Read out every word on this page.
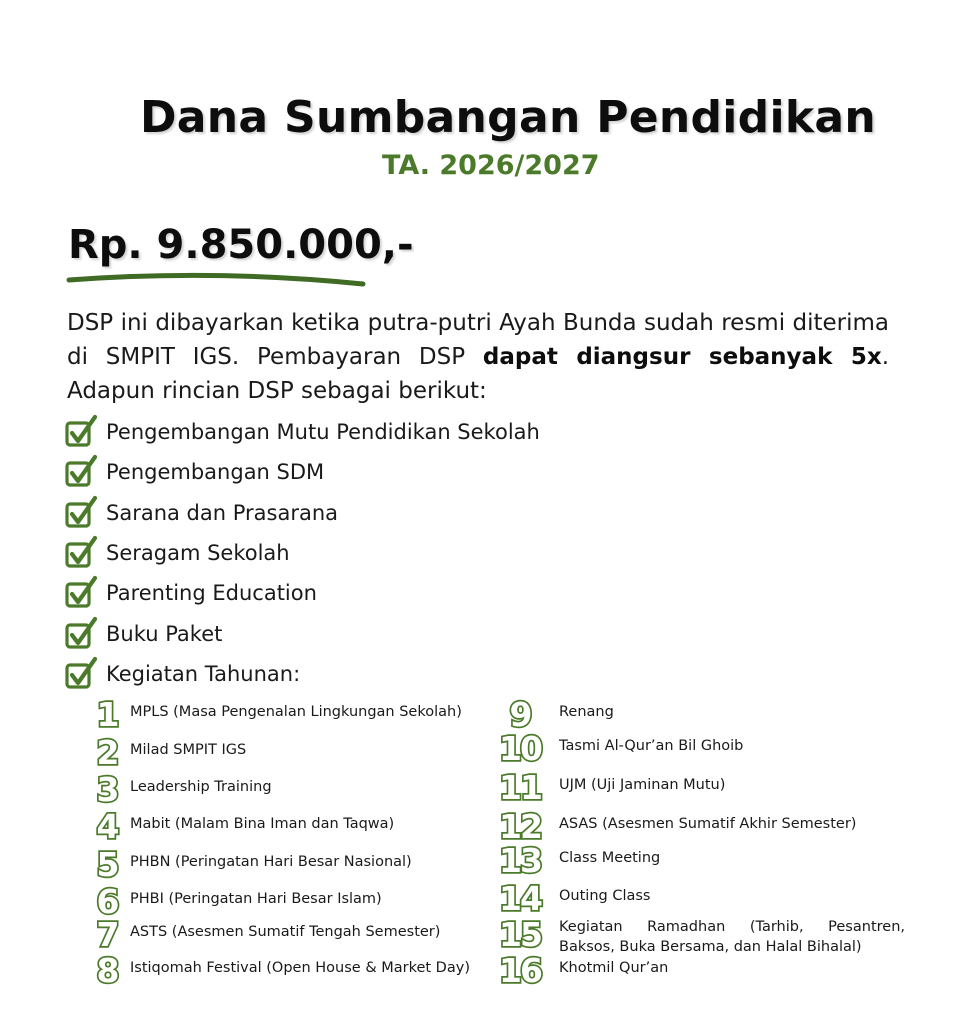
Dana Sumbangan Pendidikan
TA. 2026/2027
Rp. 9.850.000,-
DSP ini dibayarkan ketika putra-putri Ayah Bunda sudah resmi diterima di SMPIT IGS. Pembayaran DSP dapat diangsur sebanyak 5x. Adapun rincian DSP sebagai berikut:
Pengembangan Mutu Pendidikan Sekolah
Pengembangan SDM
Sarana dan Prasarana
Seragam Sekolah
Parenting Education
Buku Paket
Kegiatan Tahunan:
1 MPLS (Masa Pengenalan Lingkungan Sekolah)
2 Milad SMPIT IGS
3 Leadership Training
4 Mabit (Malam Bina Iman dan Taqwa)
5 PHBN (Peringatan Hari Besar Nasional)
6 PHBI (Peringatan Hari Besar Islam)
7 ASTS (Asesmen Sumatif Tengah Semester)
8 Istiqomah Festival (Open House & Market Day)
9 Renang
10 Tasmi Al-Qur’an Bil Ghoib
11 UJM (Uji Jaminan Mutu)
12 ASAS (Asesmen Sumatif Akhir Semester)
13 Class Meeting
14 Outing Class
15 Kegiatan Ramadhan (Tarhib, Pesantren, Baksos, Buka Bersama, dan Halal Bihalal)
16 Khotmil Qur’an
